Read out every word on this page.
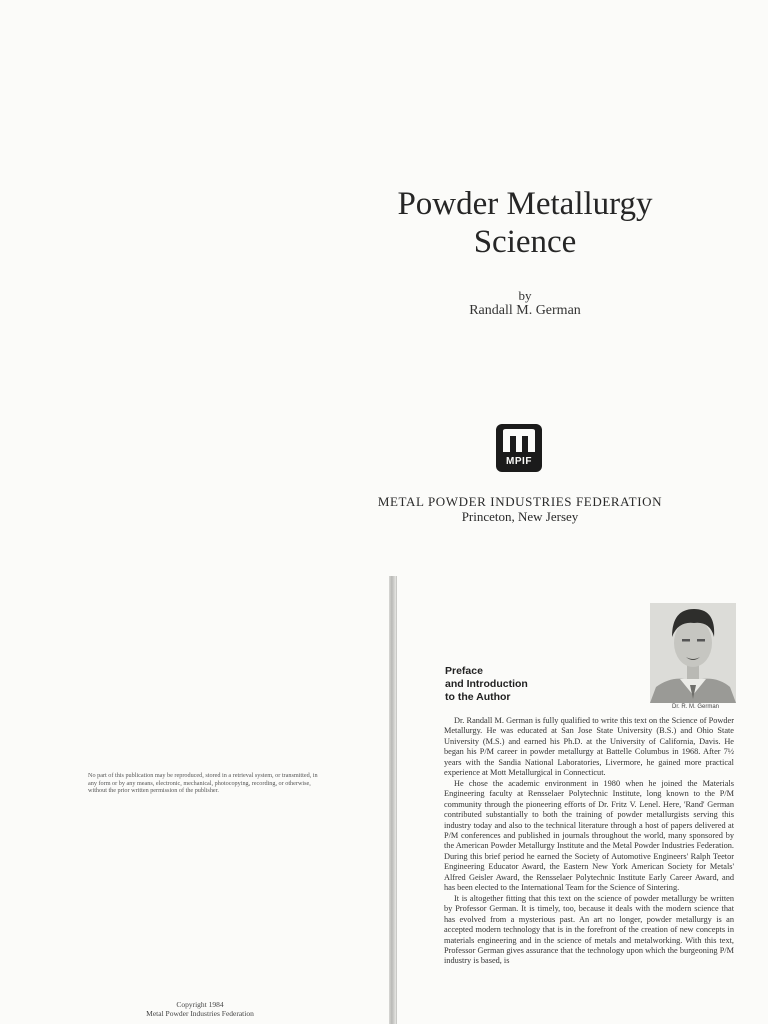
Powder Metallurgy
Science
by
Randall M. German
MPIF
METAL POWDER INDUSTRIES FEDERATION
Princeton, New Jersey
No part of this publication may be reproduced, stored in a retrieval system, or transmitted, in any form or by any means, electronic, mechanical, photocopying, recording, or otherwise, without the prior written permission of the publisher.
Copyright 1984
Metal Powder Industries Federation
Preface
and Introduction
to the Author
Dr. R. M. German

Dr. Randall M. German is fully qualified to write this text on the Science of Powder Metallurgy. He was educated at San Jose State University (B.S.) and Ohio State University (M.S.) and earned his Ph.D. at the University of California, Davis. He began his P/M career in powder metallurgy at Battelle Columbus in 1968. After 7½ years with the Sandia National Laboratories, Livermore, he gained more practical experience at Mott Metallurgical in Connecticut.

He chose the academic environment in 1980 when he joined the Materials Engineering faculty at Rensselaer Polytechnic Institute, long known to the P/M community through the pioneering efforts of Dr. Fritz V. Lenel. Here, 'Rand' German contributed substantially to both the training of powder metallurgists serving this industry today and also to the technical literature through a host of papers delivered at P/M conferences and published in journals throughout the world, many sponsored by the American Powder Metallurgy Institute and the Metal Powder Industries Federation. During this brief period he earned the Society of Automotive Engineers' Ralph Teetor Engineering Educator Award, the Eastern New York American Society for Metals' Alfred Geisler Award, the Rensselaer Polytechnic Institute Early Career Award, and has been elected to the International Team for the Science of Sintering.

It is altogether fitting that this text on the science of powder metallurgy be written by Professor German. It is timely, too, because it deals with the modern science that has evolved from a mysterious past. An art no longer, powder metallurgy is an accepted modern technology that is in the forefront of the creation of new concepts in materials engineering and in the science of metals and metalworking. With this text, Professor German gives assurance that the technology upon which the burgeoning P/M industry is based, is
